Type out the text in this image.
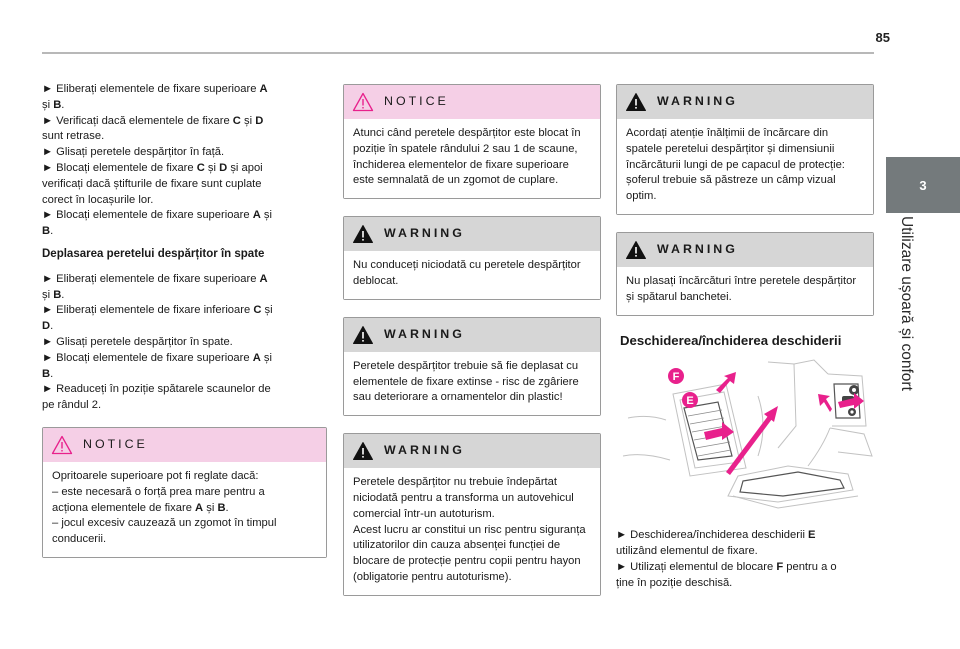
85
3
Utilizare ușoară și confort

► Eliberați elementele de fixare superioare A
și B.

► Verificați dacă elementele de fixare C și D
sunt retrase.

► Glisați peretele despărțitor în față.

► Blocați elementele de fixare C și D și apoi
verificați dacă știfturile de fixare sunt cuplate
corect în locașurile lor.

► Blocați elementele de fixare superioare A și
B.

Deplasarea peretelui despărțitor în spate

► Eliberați elementele de fixare superioare A
și B.

► Eliberați elementele de fixare inferioare C și
D.

► Glisați peretele despărțitor în spate.

► Blocați elementele de fixare superioare A și
B.

► Readuceți în poziție spătarele scaunelor de
pe rândul 2.

NOTICE

Opritoarele superioare pot fi reglate dacă:

– este necesară o forță prea mare pentru a
acționa elementele de fixare A și B.

– jocul excesiv cauzează un zgomot în timpul
conducerii.

NOTICE
Atunci când peretele despărțitor este blocat în poziție în spatele rândului 2 sau 1 de scaune, închiderea elementelor de fixare superioare este semnalată de un zgomot de cuplare.
WARNING
Nu conduceți niciodată cu peretele despărțitor deblocat.
WARNING
Peretele despărțitor trebuie să fie deplasat cu elementele de fixare extinse - risc de zgâriere sau deteriorare a ornamentelor din plastic!
WARNING

Peretele despărțitor nu trebuie îndepărtat niciodată pentru a transforma un autovehicul comercial într-un autoturism.

Acest lucru ar constitui un risc pentru siguranța utilizatorilor din cauza absenței funcției de blocare de protecție pentru copii pentru hayon (obligatorie pentru autoturisme).

WARNING
Acordați atenție înălțimii de încărcare din spatele peretelui despărțitor și dimensiunii încărcăturii lungi de pe capacul de protecție: șoferul trebuie să păstreze un câmp vizual optim.
WARNING
Nu plasați încărcături între peretele despărțitor și spătarul banchetei.

Deschiderea/închiderea deschiderii

F
E

► Deschiderea/închiderea deschiderii E
utilizând elementul de fixare.

► Utilizați elementul de blocare F pentru a o
ține în poziție deschisă.
